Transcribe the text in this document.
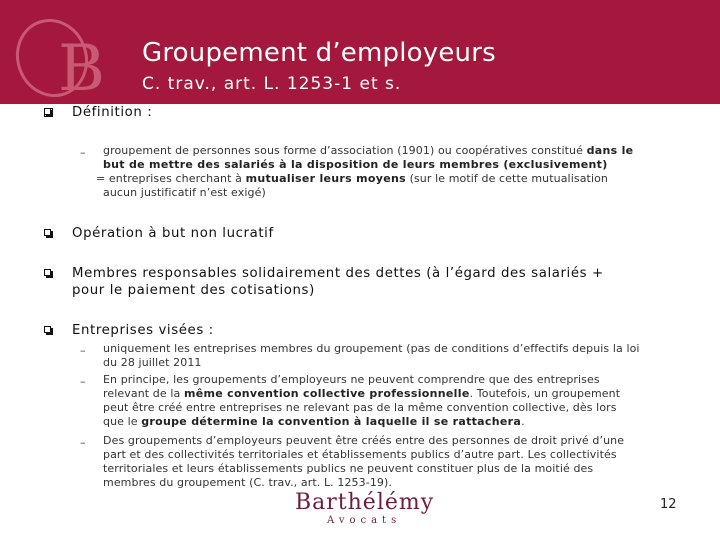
B Groupement d’employeurs
C. trav., art. L. 1253-1 et s.
Définition :
– groupement de personnes sous forme d’association (1901) ou coopératives constitué dans le
but de mettre des salariés à la disposition de leurs membres (exclusivement)
= entreprises cherchant à mutualiser leurs moyens (sur le motif de cette mutualisation
aucun justificatif n’est exigé)
Opération à but non lucratif
Membres responsables solidairement des dettes (à l’égard des salariés +
pour le paiement des cotisations)
Entreprises visées :
– uniquement les entreprises membres du groupement (pas de conditions d’effectifs depuis la loi
du 28 juillet 2011
– En principe, les groupements d’employeurs ne peuvent comprendre que des entreprises
relevant de la même convention collective professionnelle. Toutefois, un groupement
peut être créé entre entreprises ne relevant pas de la même convention collective, dès lors
que le groupe détermine la convention à laquelle il se rattachera.
– Des groupements d’employeurs peuvent être créés entre des personnes de droit privé d’une
part et des collectivités territoriales et établissements publics d’autre part. Les collectivités
territoriales et leurs établissements publics ne peuvent constituer plus de la moitié des
membres du groupement (C. trav., art. L. 1253-19).
Barthélémy
Avocats
12
